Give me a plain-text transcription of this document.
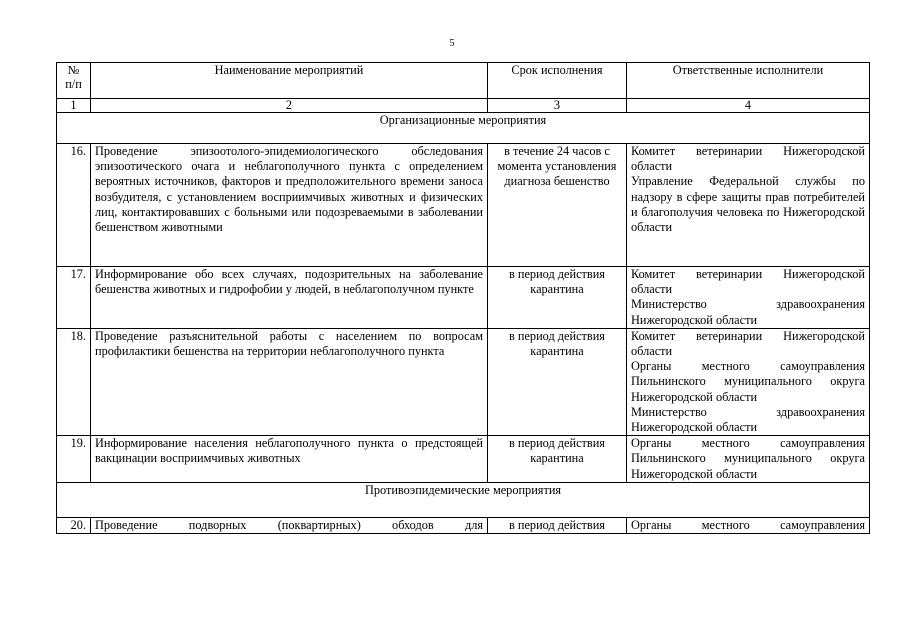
5
№
п/п	Наименование мероприятий	Срок исполнения	Ответственные исполнители
1	2	3	4
Организационные мероприятия			
16.	Проведение эпизоотолого-эпидемиологического обследования эпизоотического очага и неблагополучного пункта с определением вероятных источников, факторов и предположительного времени заноса возбудителя, с установлением восприимчивых животных и физических лиц, контактировавших с больными или подозреваемыми в заболевании бешенством животными	в течение 24 часов с момента установления диагноза бешенство	Комитет ветеринарии Нижегородской области
Управление Федеральной службы по надзору в сфере защиты прав потребителей и благополучия человека по Нижегородской области

17.	Информирование обо всех случаях, подозрительных на заболевание бешенства животных и гидрофобии у людей, в неблагополучном пункте	в период действия карантина	Комитет ветеринарии Нижегородской области
Министерство здравоохранения Нижегородской области

18.	Проведение разъяснительной работы с населением по вопросам профилактики бешенства на территории неблагополучного пункта	в период действия карантина	Комитет ветеринарии Нижегородской области
Органы местного самоуправления Пильнинского муниципального округа Нижегородской области
Министерство здравоохранения Нижегородской области

19.	Информирование населения неблагополучного пункта о предстоящей вакцинации восприимчивых животных	в период действия карантина	Органы местного самоуправления Пильнинского муниципального округа Нижегородской области

Противоэпидемические мероприятия			
20.	Проведение подворных (поквартирных) обходов для	в период действия	Органы местного самоуправления
